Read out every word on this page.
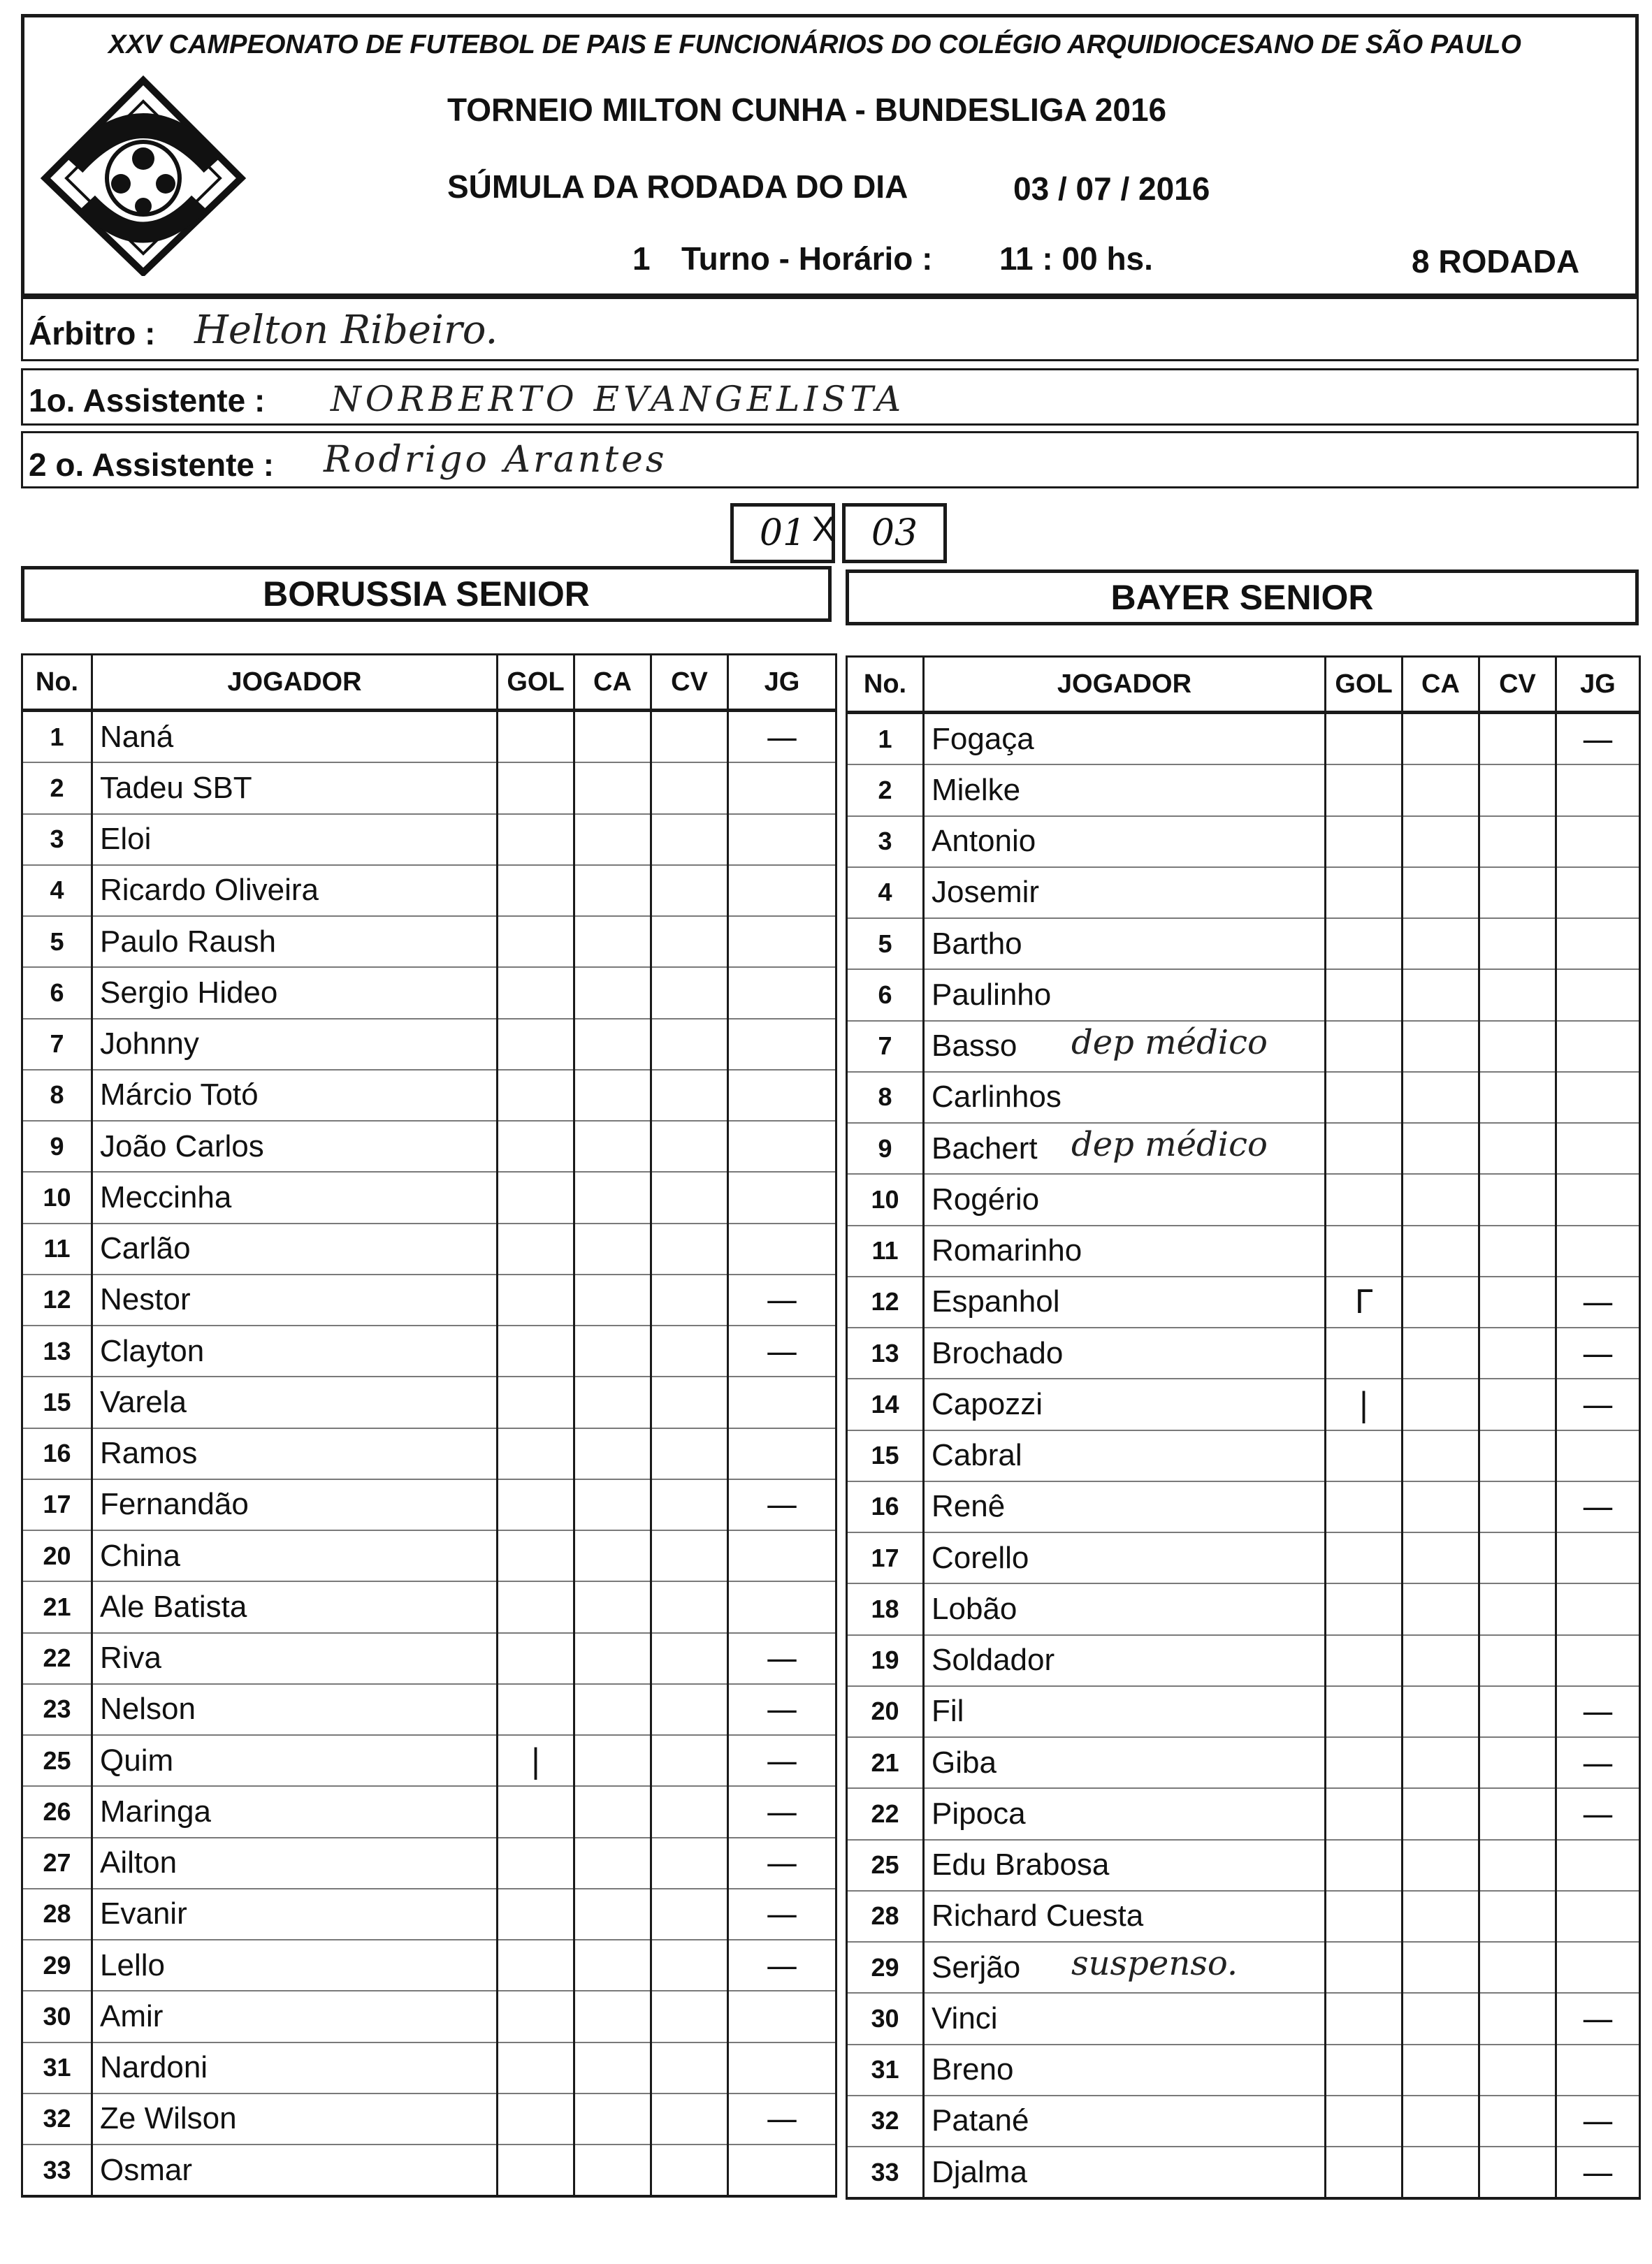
XXV CAMPEONATO DE FUTEBOL DE PAIS E FUNCIONÁRIOS DO COLÉGIO ARQUIDIOCESANO DE SÃO PAULO
TORNEIO MILTON CUNHA - BUNDESLIGA 2016
SÚMULA DA RODADA DO DIA	03 / 07 / 2016
1 Turno - Horário : 11 : 00 hs.	8 RODADA
Árbitro : Helton Ribeiro.
1o. Assistente : NORBERTO EVANGELISTA
2 o. Assistente : Rodrigo Arantes
01 X 03
BORUSSIA SENIOR	BAYER SENIOR
No.	JOGADOR	GOL	CA	CV	JG
1	Naná				—
2	Tadeu SBT				
3	Eloi				
4	Ricardo Oliveira				
5	Paulo Raush				
6	Sergio Hideo				
7	Johnny				
8	Márcio Totó				
9	João Carlos				
10	Meccinha				
11	Carlão				
12	Nestor				—
13	Clayton				—
15	Varela				
16	Ramos				
17	Fernandão				—
20	China				
21	Ale Batista				
22	Riva				—
23	Nelson				—
25	Quim	|			—
26	Maringa				—
27	Ailton				—
28	Evanir				—
29	Lello				—
30	Amir				
31	Nardoni				
32	Ze Wilson				—
33	Osmar				
No.	JOGADOR	GOL	CA	CV	JG
1	Fogaça				—
2	Mielke				
3	Antonio				
4	Josemir				
5	Bartho				
6	Paulinho				
7	Basso dep médico				

8	Carlinhos				
9	Bachert dep médico				

10	Rogério				
11	Romarinho				
12	Espanhol	Γ			—
13	Brochado				—
14	Capozzi	|			—
15	Cabral				
16	Renê				—
17	Corello				
18	Lobão				
19	Soldador				
20	Fil				—
21	Giba				—
22	Pipoca				—
25	Edu Brabosa				
28	Richard Cuesta				
29	Serjão suspenso.				

30	Vinci				—
31	Breno				
32	Patané				—
33	Djalma				—
